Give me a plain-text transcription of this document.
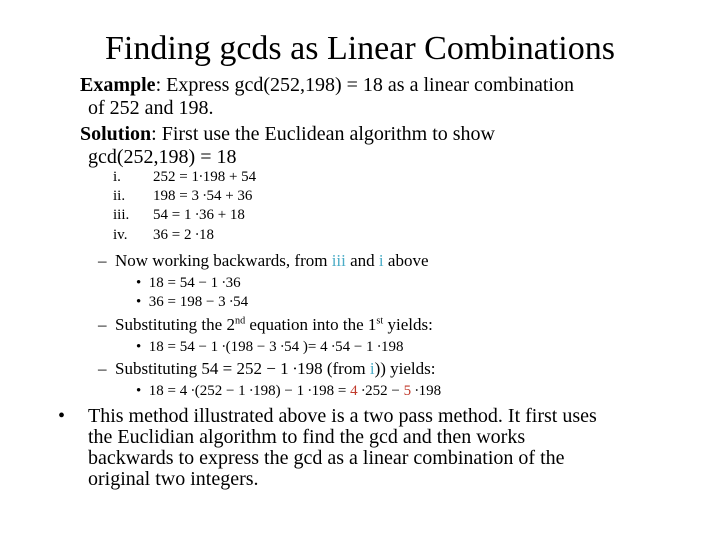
Finding gcds as Linear Combinations
Example: Express gcd(252,198) = 18 as a linear combination
of 252 and 198.
Solution: First use the Euclidean algorithm to show
gcd(252,198) = 18
i.	252 = 1∙198 + 54
ii.	198 = 3 ∙54 + 36
iii.	54 = 1 ∙36 + 18
iv.	36 = 2 ∙18
– Now working backwards, from iii and i above
•  18 = 54 − 1 ∙36
•  36 = 198 − 3 ∙54
– Substituting the 2nd equation into the 1st yields:
•  18 = 54 − 1 ∙(198 − 3 ∙54 )= 4 ∙54 − 1 ∙198
– Substituting 54 = 252 − 1 ∙198 (from i)) yields:
•  18 = 4 ∙(252 − 1 ∙198) − 1 ∙198 = 4 ∙252 − 5 ∙198
• This method illustrated above is a two pass method. It first uses
the Euclidian algorithm to find the gcd and then works
backwards to express the gcd as a linear combination of the
original two integers.
